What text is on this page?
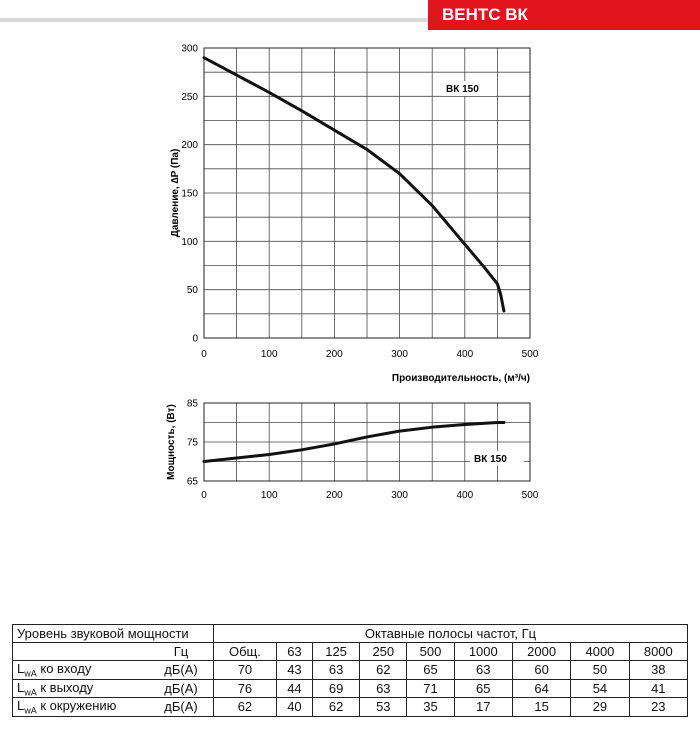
ВЕНТС ВК
0	100	200	300	400	500
0
50
100
150
200
250
300
Производительность, (м³/ч)
Давление, ∆P (Па)
ВК 150
0	100	200	300	400	500
65
75
85
Мощность, (Вт)	ВК 150
Уровень звуковой мощности		Октавные полосы частот, Гц								
	Гц	Общ.	63	125	250	500	1000	2000	4000	8000
$L_{wA}$ ко входу	дБ(А)	70	43	63	62	65	63	60	50	38
$L_{wA}$ к выходу	дБ(А)	76	44	69	63	71	65	64	54	41
$L_{wA}$ к окружению	дБ(А)	62	40	62	53	35	17	15	29	23
